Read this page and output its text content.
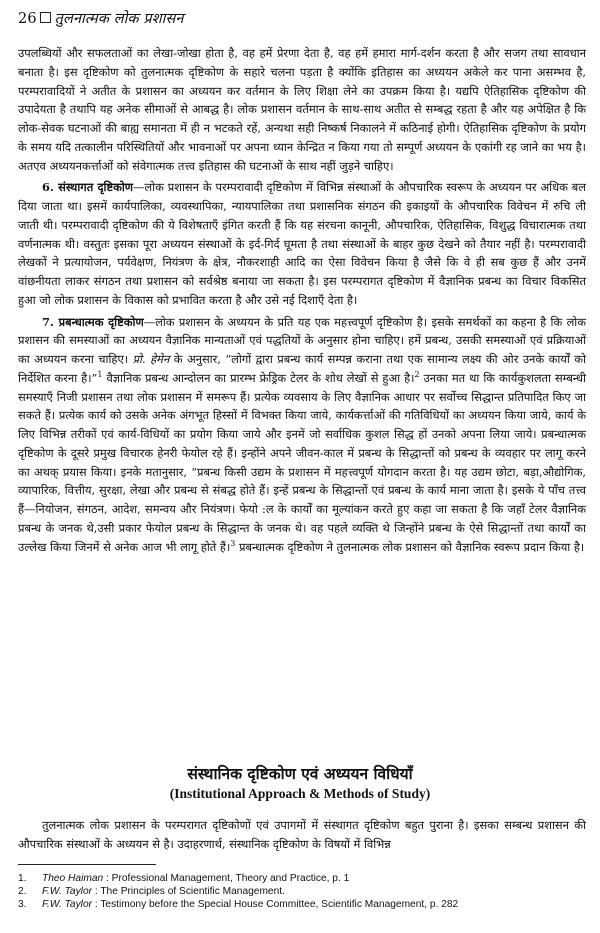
26 तुलनात्मक लोक प्रशासन

उपलब्धियों और सफलताओं का लेखा-जोखा होता है, वह हमें प्रेरणा देता है, वह हमें हमारा मार्ग-दर्शन करता है और सजग तथा सावधान बनाता है। इस दृष्टिकोण को तुलनात्मक दृष्टिकोण के सहारे चलना पड़ता है क्योंकि इतिहास का अध्ययन अकेले कर पाना असम्भव है, परम्परावादियों ने अतीत के प्रशासन का अध्ययन कर वर्तमान के लिए शिक्षा लेने का उपक्रम किया है। यद्यपि ऐतिहासिक दृष्टिकोण की उपादेयता है तथापि यह अनेक सीमाओं से आबद्ध है। लोक प्रशासन वर्तमान के साथ-साथ अतीत से सम्बद्ध रहता है और यह अपेक्षित है कि लोक-सेवक घटनाओं की बाह्य समानता में ही न भटकते रहें, अन्यथा सही निष्कर्ष निकालने में कठिनाई होगी। ऐतिहासिक दृष्टिकोण के प्रयोग के समय यदि तत्कालीन परिस्थितियों और भावनाओं पर अपना ध्यान केन्द्रित न किया गया तो सम्पूर्ण अध्ययन के एकांगी रह जाने का भय है। अतएव अध्ययनकर्त्ताओं को संवेगात्मक तत्त्व इतिहास की घटनाओं के साथ नहीं जुड़ने चाहिए।

6. संस्थागत दृष्टिकोण—लोक प्रशासन के परम्परावादी दृष्टिकोण में विभिन्न संस्थाओं के औपचारिक स्वरूप के अध्ययन पर अधिक बल दिया जाता था। इसमें कार्यपालिका, व्यवस्थापिका, न्यायपालिका तथा प्रशासनिक संगठन की इकाइयों के औपचारिक विवेचन में रुचि ली जाती थी। परम्परावादी दृष्टिकोण की ये विशेषताएँ इंगित करती हैं कि यह संरचना कानूनी, औपचारिक, ऐतिहासिक, विशुद्ध विचारात्मक तथा वर्णनात्मक थी। वस्तुतः इसका पूरा अध्ययन संस्थाओं के इर्द-गिर्द घूमता है तथा संस्थाओं के बाहर कुछ देखने को तैयार नहीं है। परम्परावादी लेखकों ने प्रत्यायोजन, पर्यवेक्षण, नियंत्रण के क्षेत्र, नौकरशाही आदि का ऐसा विवेचन किया है जैसे कि वे ही सब कुछ हैं और उनमें वांछनीयता लाकर संगठन तथा प्रशासन को सर्वश्रेष्ठ बनाया जा सकता है। इस परम्परागत दृष्टिकोण में वैज्ञानिक प्रबन्ध का विचार विकसित हुआ जो लोक प्रशासन के विकास को प्रभावित करता है और उसे नई दिशाएँ देता है।

7. प्रबन्धात्मक दृष्टिकोण—लोक प्रशासन के अध्ययन के प्रति यह एक महत्त्वपूर्ण दृष्टिकोण है। इसके समर्थकों का कहना है कि लोक प्रशासन की समस्याओं का अध्ययन वैज्ञानिक मान्यताओं एवं पद्धतियों के अनुसार होना चाहिए। हमें प्रबन्ध, उसकी समस्याओं एवं प्रक्रियाओं का अध्ययन करना चाहिए। प्रो. हेमेन के अनुसार, “लोगों द्वारा प्रबन्ध कार्य सम्पन्न कराना तथा एक सामान्य लक्ष्य की ओर उनके कार्यों को निर्देशित करना है।”$^1$ वैज्ञानिक प्रबन्ध आन्दोलन का प्रारम्भ फ्रेड्रिक टेलर के शोध लेखों से हुआ है।$^2$ उनका मत था कि कार्यकुशलता सम्बन्धी समस्याएँ निजी प्रशासन तथा लोक प्रशासन में समरूप हैं। प्रत्येक व्यवसाय के लिए वैज्ञानिक आधार पर सर्वोच्च सिद्धान्त प्रतिपादित किए जा सकते हैं। प्रत्येक कार्य को उसके अनेक अंगभूत हिस्सों में विभक्त किया जाये, कार्यकर्त्ताओं की गतिविधियों का अध्ययन किया जाये, कार्य के लिए विभिन्न तरीकों एवं कार्य-विधियों का प्रयोग किया जाये और इनमें जो सर्वाधिक कुशल सिद्ध हों उनको अपना लिया जाये। प्रबन्धात्मक दृष्टिकोण के दूसरे प्रमुख विचारक हेनरी फेयोल रहे हैं। इन्होंने अपने जीवन-काल में प्रबन्ध के सिद्धान्तों को प्रबन्ध के व्यवहार पर लागू करने का अथक् प्रयास किया। इनके मतानुसार, “प्रबन्ध किसी उद्यम के प्रशासन में महत्त्वपूर्ण योगदान करता है। यह उद्यम छोटा, बड़ा,औद्योगिक, व्यापारिक, वित्तीय, सुरक्षा, लेखा और प्रबन्ध से संबद्ध होते हैं। इन्हें प्रबन्ध के सिद्धान्तों एवं प्रबन्ध के कार्य माना जाता है। इसके ये पाँच तत्त्व हैं—नियोजन, संगठन, आदेश, समन्वय और नियंत्रण। फेयो :ल के कार्यों का मूल्यांकन करते हुए कहा जा सकता है कि जहाँ टेलर वैज्ञानिक प्रबन्ध के जनक थे,उसी प्रकार फेयोल प्रबन्ध के सिद्धान्त के जनक थे। वह पहले व्यक्ति थे जिन्होंने प्रबन्ध के ऐसे सिद्धान्तों तथा कार्यों का उल्लेख किया जिनमें से अनेक आज भी लागू होते हैं।$^3$ प्रबन्धात्मक दृष्टिकोण ने तुलनात्मक लोक प्रशासन को वैज्ञानिक स्वरूप प्रदान किया है।

संस्थानिक दृष्टिकोण एवं अध्ययन विधियाँ
(Institutional Approach & Methods of Study)

तुलनात्मक लोक प्रशासन के परम्परागत दृष्टिकोणों एवं उपागमों में संस्थागत दृष्टिकोण बहुत पुराना है। इसका सम्बन्ध प्रशासन की औपचारिक संस्थाओं के अध्ययन से है। उदाहरणार्थ, संस्थानिक दृष्टिकोण के विषयों में विभिन्न

1. Theo Haiman : Professional Management, Theory and Practice, p. 1
2. F.W. Taylor : The Principles of Scientific Management.
3. F.W. Taylor : Testimony before the Special House Committee, Scientific Management, p. 282
